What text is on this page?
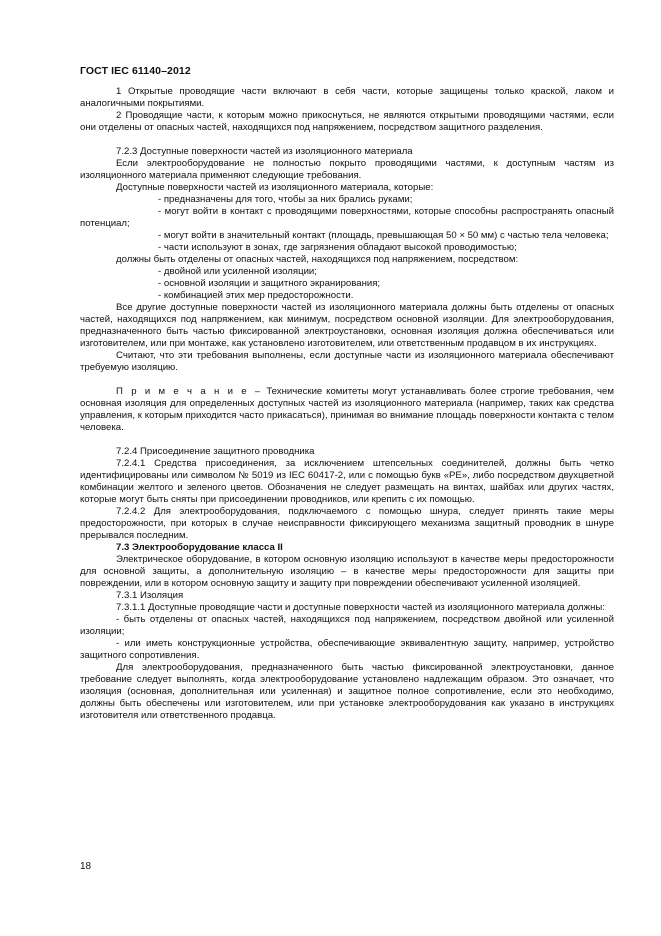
ГОСТ IEC 61140–2012

1 Открытые проводящие части включают в себя части, которые защищены только краской, лаком и аналогичными покрытиями.

2 Проводящие части, к которым можно прикоснуться, не являются открытыми проводящими частями, если они отделены от опасных частей, находящихся под напряжением, посредством защитного разделения.

7.2.3 Доступные поверхности частей из изоляционного материала

Если электрооборудование не полностью покрыто проводящими частями, к доступным частям из изоляционного материала применяют следующие требования.

Доступные поверхности частей из изоляционного материала, которые:

- предназначены для того, чтобы за них брались руками;

- могут войти в контакт с проводящими поверхностями, которые способны распространять опасный потенциал;

- могут войти в значительный контакт (площадь, превышающая 50 × 50 мм) с частью тела человека;

- части используют в зонах, где загрязнения обладают высокой проводимостью;

должны быть отделены от опасных частей, находящихся под напряжением, посредством:

- двойной или усиленной изоляции;

- основной изоляции и защитного экранирования;

- комбинацией этих мер предосторожности.

Все другие доступные поверхности частей из изоляционного материала должны быть отделены от опасных частей, находящихся под напряжением, как минимум, посредством основной изоляции. Для электрооборудования, предназначенного быть частью фиксированной электроустановки, основная изоляция должна обеспечиваться или изготовителем, или при монтаже, как установлено изготовителем, или ответственным продавцом в их инструкциях.

Считают, что эти требования выполнены, если доступные части из изоляционного материала обеспечивают требуемую изоляцию.

П р и м е ч а н и е – Технические комитеты могут устанавливать более строгие требования, чем основная изоляция для определенных доступных частей из изоляционного материала (например, таких как средства управления, к которым приходится часто прикасаться), принимая во внимание площадь поверхности контакта с телом человека.

7.2.4 Присоединение защитного проводника

7.2.4.1 Средства присоединения, за исключением штепсельных соединителей, должны быть четко идентифицированы или символом № 5019 из IEC 60417-2, или с помощью букв «PE», либо посредством двухцветной комбинации желтого и зеленого цветов. Обозначения не следует размещать на винтах, шайбах или других частях, которые могут быть сняты при присоединении проводников, или крепить с их помощью.

7.2.4.2 Для электрооборудования, подключаемого с помощью шнура, следует принять такие меры предосторожности, при которых в случае неисправности фиксирующего механизма защитный проводник в шнуре прерывался последним.

7.3 Электрооборудование класса II

Электрическое оборудование, в котором основную изоляцию используют в качестве меры предосторожности для основной защиты, а дополнительную изоляцию – в качестве меры предосторожности для защиты при повреждении, или в котором основную защиту и защиту при повреждении обеспечивают усиленной изоляцией.

7.3.1 Изоляция

7.3.1.1 Доступные проводящие части и доступные поверхности частей из изоляционного материала должны:

- быть отделены от опасных частей, находящихся под напряжением, посредством двойной или усиленной изоляции;

- или иметь конструкционные устройства, обеспечивающие эквивалентную защиту, например, устройство защитного сопротивления.

Для электрооборудования, предназначенного быть частью фиксированной электроустановки, данное требование следует выполнять, когда электрооборудование установлено надлежащим образом. Это означает, что изоляция (основная, дополнительная или усиленная) и защитное полное сопротивление, если это необходимо, должны быть обеспечены или изготовителем, или при установке электрооборудования как указано в инструкциях изготовителя или ответственного продавца.

18
